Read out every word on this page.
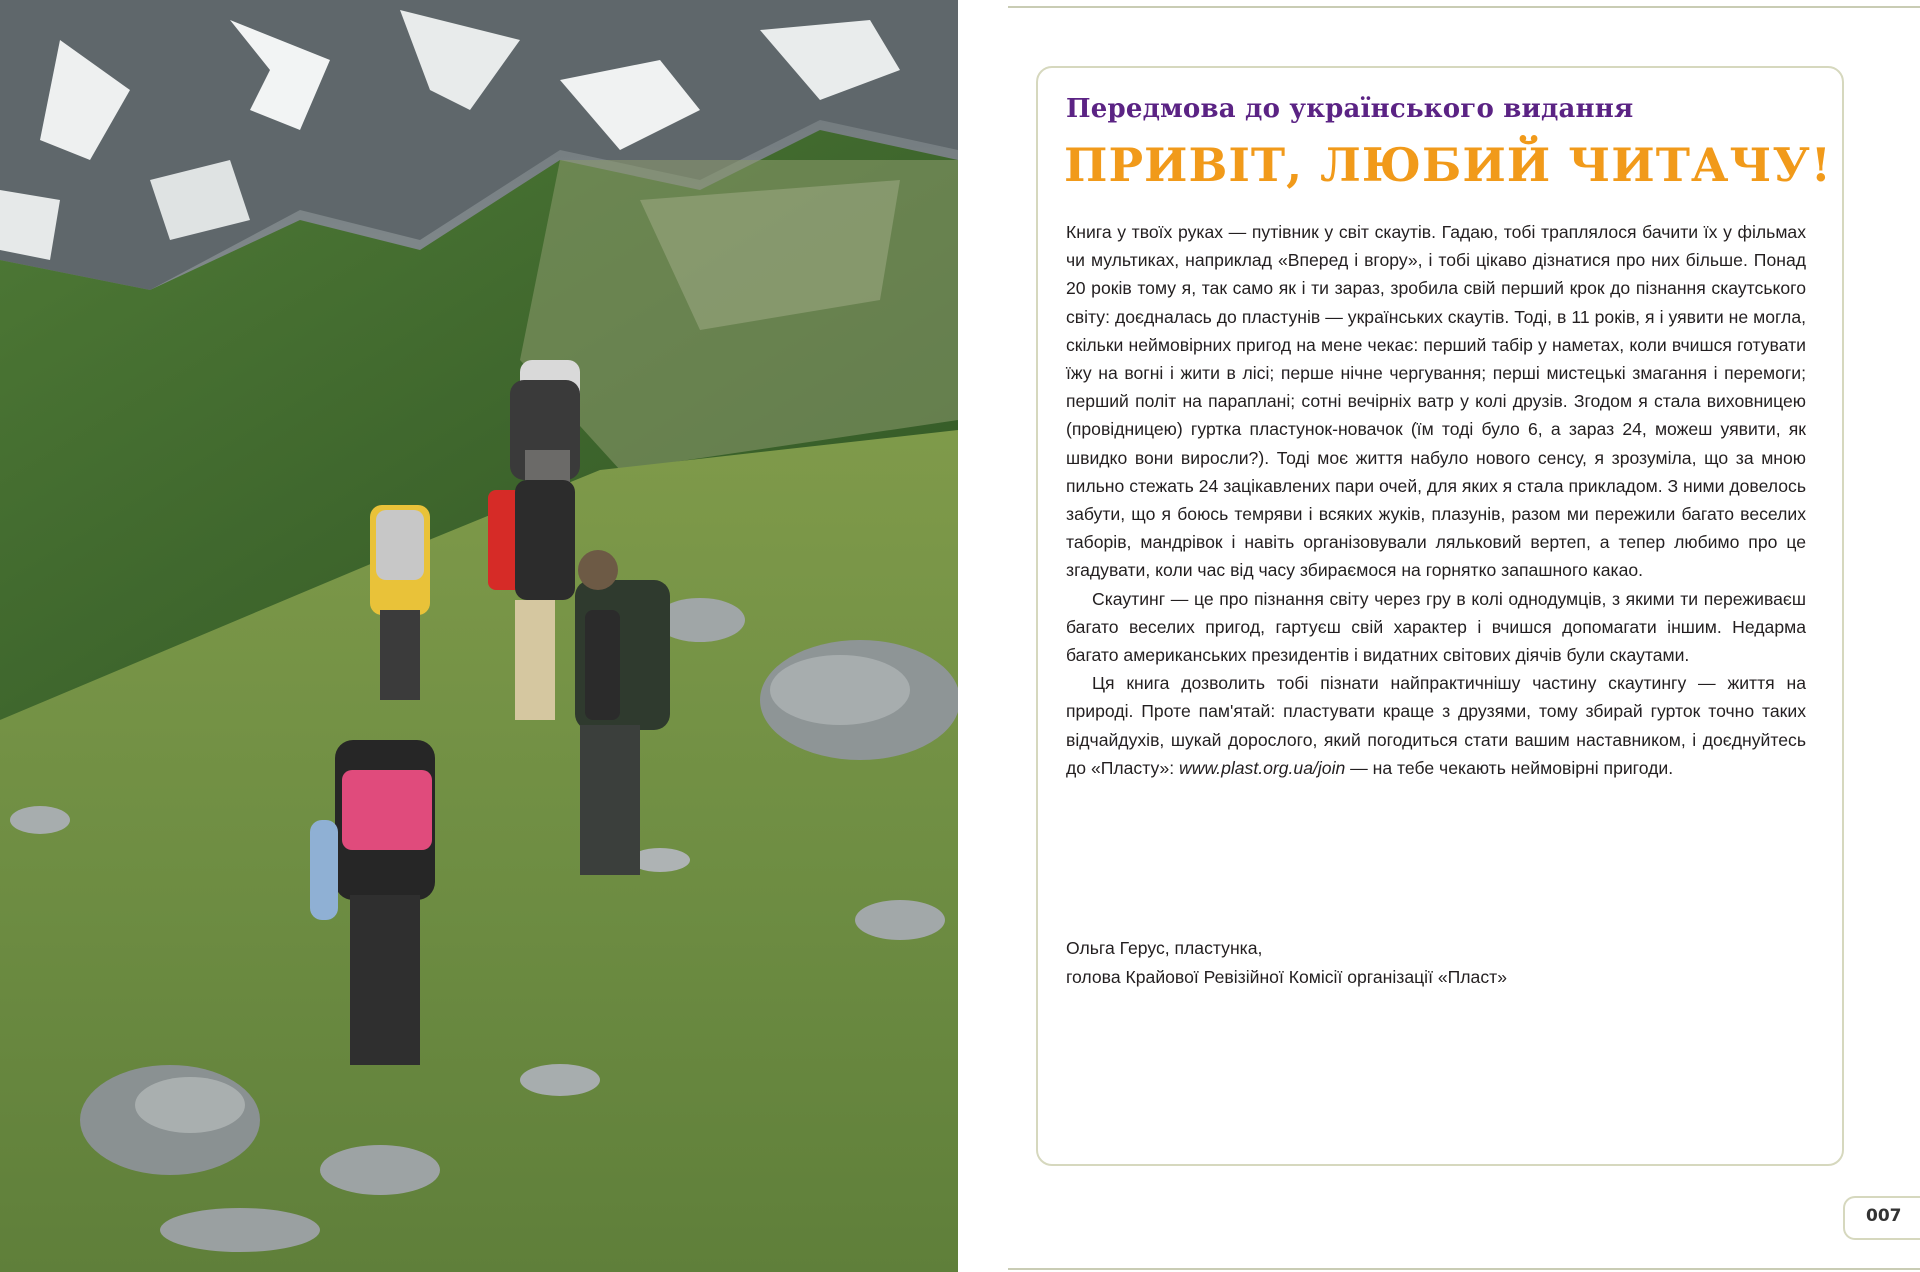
Передмова до українського видання
ПРИВІТ, ЛЮБИЙ ЧИТАЧУ!

Книга у твоїх руках — путівник у світ скаутів. Гадаю, тобі траплялося бачити їх у фільмах чи мультиках, наприклад «Вперед і вгору», і тобі цікаво дізнатися про них більше. Понад 20 років тому я, так само як і ти зараз, зробила свій перший крок до пізнання скаутського світу: доєдналась до пластунів — українських скаутів. Тоді, в 11 років, я і уявити не могла, скільки неймовірних пригод на мене чекає: перший табір у наметах, коли вчишся готувати їжу на вогні і жити в лісі; перше нічне чергування; перші мистецькі змагання і перемоги; перший політ на параплані; сотні вечірніх ватр у колі друзів. Згодом я стала виховницею (провідницею) гуртка пластунок-новачок (їм тоді було 6, а зараз 24, можеш уявити, як швидко вони виросли?). Тоді моє життя набуло нового сенсу, я зрозуміла, що за мною пильно стежать 24 зацікавлених пари очей, для яких я стала прикладом. З ними довелось забути, що я боюсь темряви і всяких жуків, плазунів, разом ми пережили багато веселих таборів, мандрівок і навіть організовували ляльковий вертеп, а тепер любимо про це згадувати, коли час від часу збираємося на горнятко запашного какао.

Скаутинг — це про пізнання світу через гру в колі однодумців, з якими ти переживаєш багато веселих пригод, гартуєш свій характер і вчишся допомагати іншим. Недарма багато американських президентів і видатних світових діячів були скаутами.

Ця книга дозволить тобі пізнати найпрактичнішу частину скаутингу — життя на природі. Проте пам'ятай: пластувати краще з друзями, тому збирай гурток точно таких відчайдухів, шукай дорослого, який погодиться стати вашим наставником, і доєднуйтесь до «Пласту»: www.plast.org.ua/join — на тебе чекають неймовірні пригоди.

Ольга Герус, пластунка,
голова Крайової Ревізійної Комісії організації «Пласт»
007
